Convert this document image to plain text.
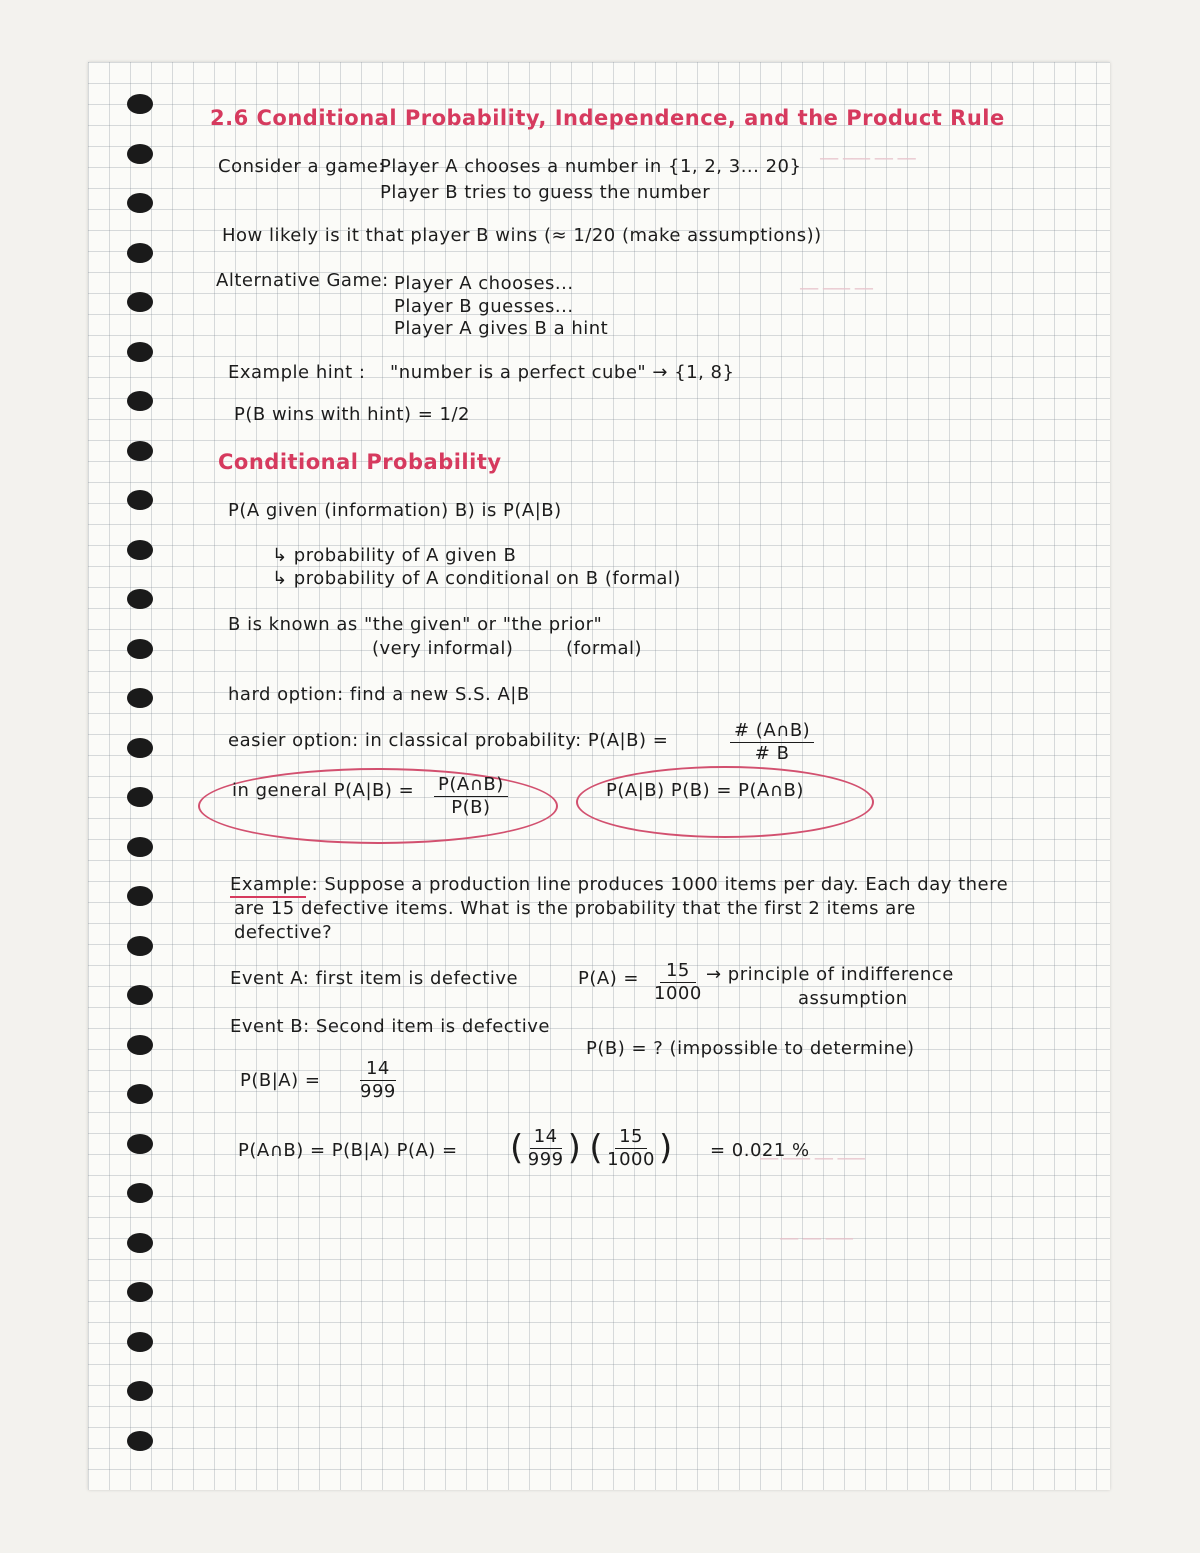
── ─── ── ──
── ─── ──
── ─── ── ───
── ── ───
2.6 Conditional Probability, Independence, and the Product Rule
Consider a game:
Player A chooses a number in {1, 2, 3... 20}
Player B tries to guess the number
How likely is it that player B wins (≈ 1/20 (make assumptions))
Alternative Game: Player A chooses...
Player B guesses...
Player A gives B a hint
Example hint : "number is a perfect cube" → {1, 8}
P(B wins with hint) = 1/2
Conditional Probability
P(A given (information) B) is P(A|B)
↳ probability of A given B
↳ probability of A conditional on B (formal)
B is known as "the given" or "the prior"
(very informal)	(formal)
hard option: find a new S.S. A|B
easier option: in classical probability: P(A|B) =	$\frac{\# (A\cap B)}{\# B}$
in general $P(A|B) = \frac{P(A\cap B)}{P(B)}$	P(A|B) P(B) = P(A∩B)
Example: Suppose a production line produces 1000 items per day. Each day there
are 15 defective items. What is the probability that the first 2 items are
defective?
Event A: first item is defective	$P(A) = \frac{15}{1000}$
→ principle of indifference
assumption
Event B: Second item is defective
P(B) = ? (impossible to determine)
$P(B|A) = \frac{14}{999}$
P(A∩B) = P(B|A) P(A) = ( $\frac{14}{999}$ ) ( $\frac{15}{1000}$ ) = 0.021 %
